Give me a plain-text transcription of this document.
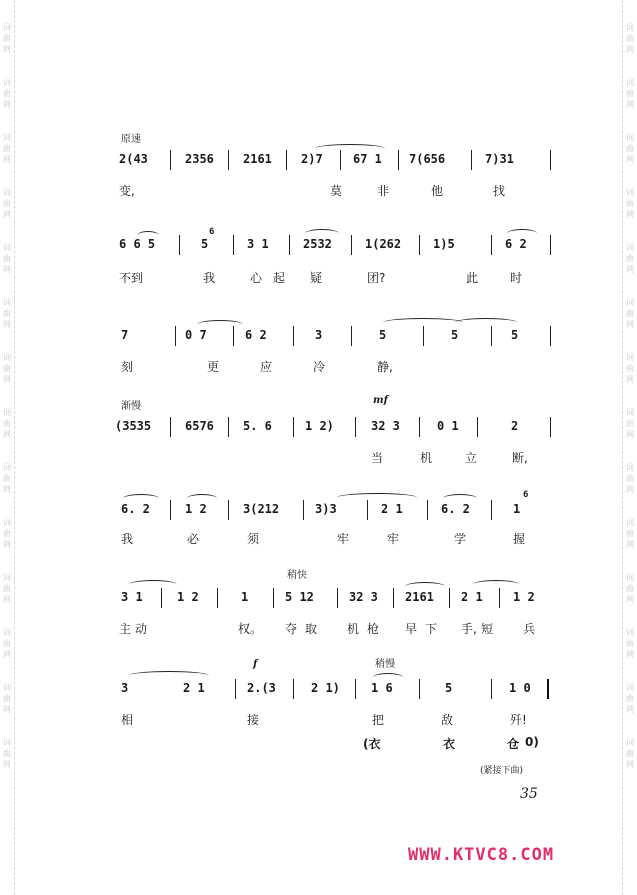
词
曲
网
词
曲
网
词
曲
网
词
曲
网
词
曲
网
词
曲
网
词
曲
网
词
曲
网
词
曲
网
词
曲
网
词
曲
网
词
曲
网
词
曲
网
词
曲
网
词
曲
网
词
曲
网
词
曲
网
词
曲
网
词
曲
网
词
曲
网
词
曲
网
词
曲
网
词
曲
网
词
曲
网
词
曲
网
词
曲
网
词
曲
网
词
曲
网
原速
2(43	2356 2161 2)7	67 1 7(656	7)31
变,	莫	非	他	找
6 6 5	5
6
3 1	2532	1(262	1)5	6 2
不到	我	心 起 疑	团?	此	时
7	0 7	6 2	3	5	5	5
刻	更	应	冷	静,
渐慢
mf
(3535	6576 5. 6	1 2)	32 3	0 1	2
当	机	立	断,
6. 2	1 2	3(212	3)3	2 1	6. 2	1
6
我	必	须	牢	牢	学	握
稍快
3 1	1 2	1	5 12	32 3 2161 2 1	1 2
主 动	权。 夺 取 机 枪 早 下 手, 短 兵
f	稍慢
3	2 1	2.(3	2 1)	1 6	5	1 0
相	接	把	敌	歼!
(衣	衣	仓 0)
(紧接下曲)
35
WWW.KTVC8.COM
